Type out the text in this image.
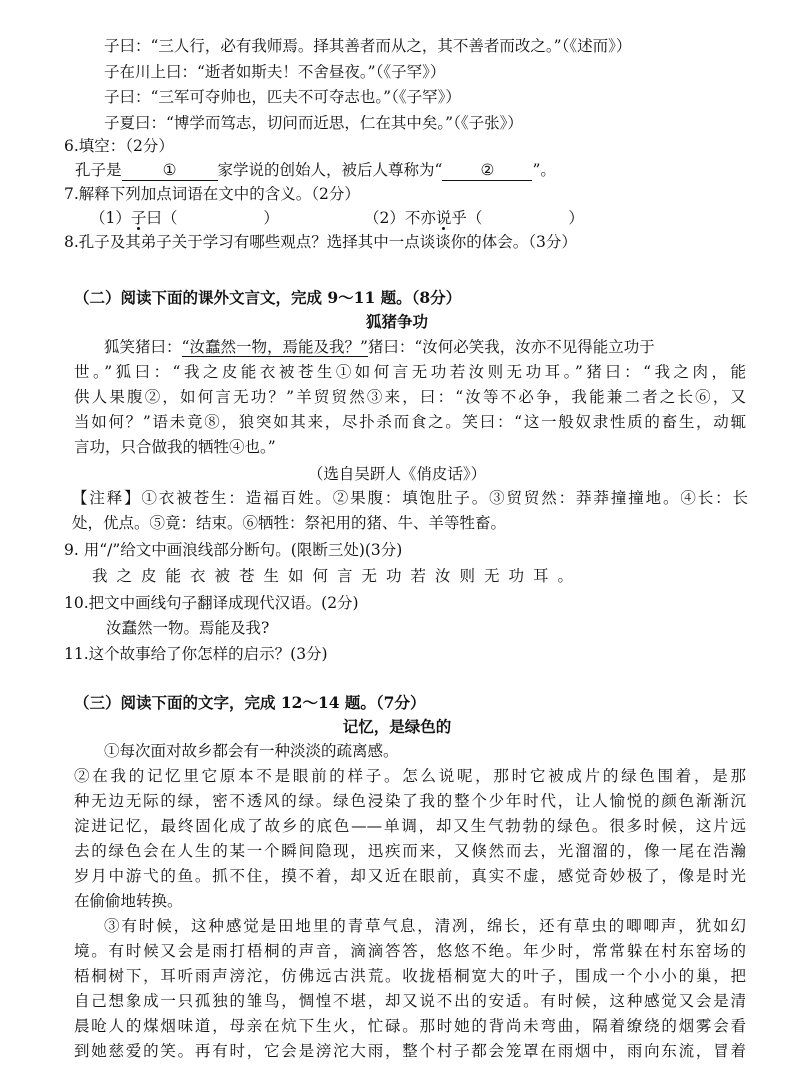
子曰：“三人行，必有我师焉。择其善者而从之，其不善者而改之。”（《述而》）
子在川上曰：“逝者如斯夫！不舍昼夜。”（《子罕》）
子曰：“三军可夺帅也，匹夫不可夺志也。”（《子罕》）
子夏曰：“博学而笃志，切问而近思，仁在其中矣。”（《子张》）
6.填空：（2分）
孔子是	①	家学说的创始人，被后人尊称为“ ② ”。
7.解释下列加点词语在文中的含义。（2分）
（1）子曰（	）	（2）不亦说乎（	）
8.孔子及其弟子关于学习有哪些观点？选择其中一点谈谈你的体会。（3分）
（二）阅读下面的课外文言文，完成 9～11 题。（8分）
狐猪争功
狐笑猪曰：“汝蠢然一物，焉能及我？”猪曰：“汝何必笑我，汝亦不见得能立功于
世。”狐曰：“我之皮能衣被苍生①如何言无功若汝则无功耳。”猪曰：“我之肉，能
供人果腹②，如何言无功？”羊贸贸然③来，曰：“汝等不必争，我能兼二者之长⑥，又
当如何？”语未竟⑧，狼突如其来，尽扑杀而食之。笑曰：“这一般奴隶性质的畜生，动辄
言功，只合做我的牺牲④也。”
（选自吴趼人《俏皮话》）
【注释】①衣被苍生：造福百姓。②果腹：填饱肚子。③贸贸然：莽莽撞撞地。④长：长
处，优点。⑤竟：结束。⑥牺牲：祭祀用的猪、牛、羊等牲畜。
9. 用“/”给文中画浪线部分断句。(限断三处)(3分)
我之皮能衣被苍生如何言无功若汝则无功耳。
10.把文中画线句子翻译成现代汉语。(2分)
汝蠢然一物。焉能及我?
11.这个故事给了你怎样的启示？(3分)
（三）阅读下面的文字，完成 12～14 题。（7分）
记忆，是绿色的
①每次面对故乡都会有一种淡淡的疏离感。
②在我的记忆里它原本不是眼前的样子。怎么说呢，那时它被成片的绿色围着，是那
种无边无际的绿，密不透风的绿。绿色浸染了我的整个少年时代，让人愉悦的颜色渐渐沉
淀进记忆，最终固化成了故乡的底色——单调，却又生气勃勃的绿色。很多时候，这片远
去的绿色会在人生的某一个瞬间隐现，迅疾而来，又倏然而去，光溜溜的，像一尾在浩瀚
岁月中游弋的鱼。抓不住，摸不着，却又近在眼前，真实不虚，感觉奇妙极了，像是时光
在偷偷地转换。
③有时候，这种感觉是田地里的青草气息，清冽，绵长，还有草虫的唧唧声，犹如幻
境。有时候又会是雨打梧桐的声音，滴滴答答，悠悠不绝。年少时，常常躲在村东窑场的
梧桐树下，耳听雨声滂沱，仿佛远古洪荒。收拢梧桐宽大的叶子，围成一个小小的巢，把
自己想象成一只孤独的雏鸟，惆惶不堪，却又说不出的安适。有时候，这种感觉又会是清
晨呛人的煤烟味道，母亲在炕下生火，忙碌。那时她的背尚未弯曲，隔着缭绕的烟雾会看
到她慈爱的笑。再有时，它会是滂沱大雨，整个村子都会笼罩在雨烟中，雨向东流，冒着
